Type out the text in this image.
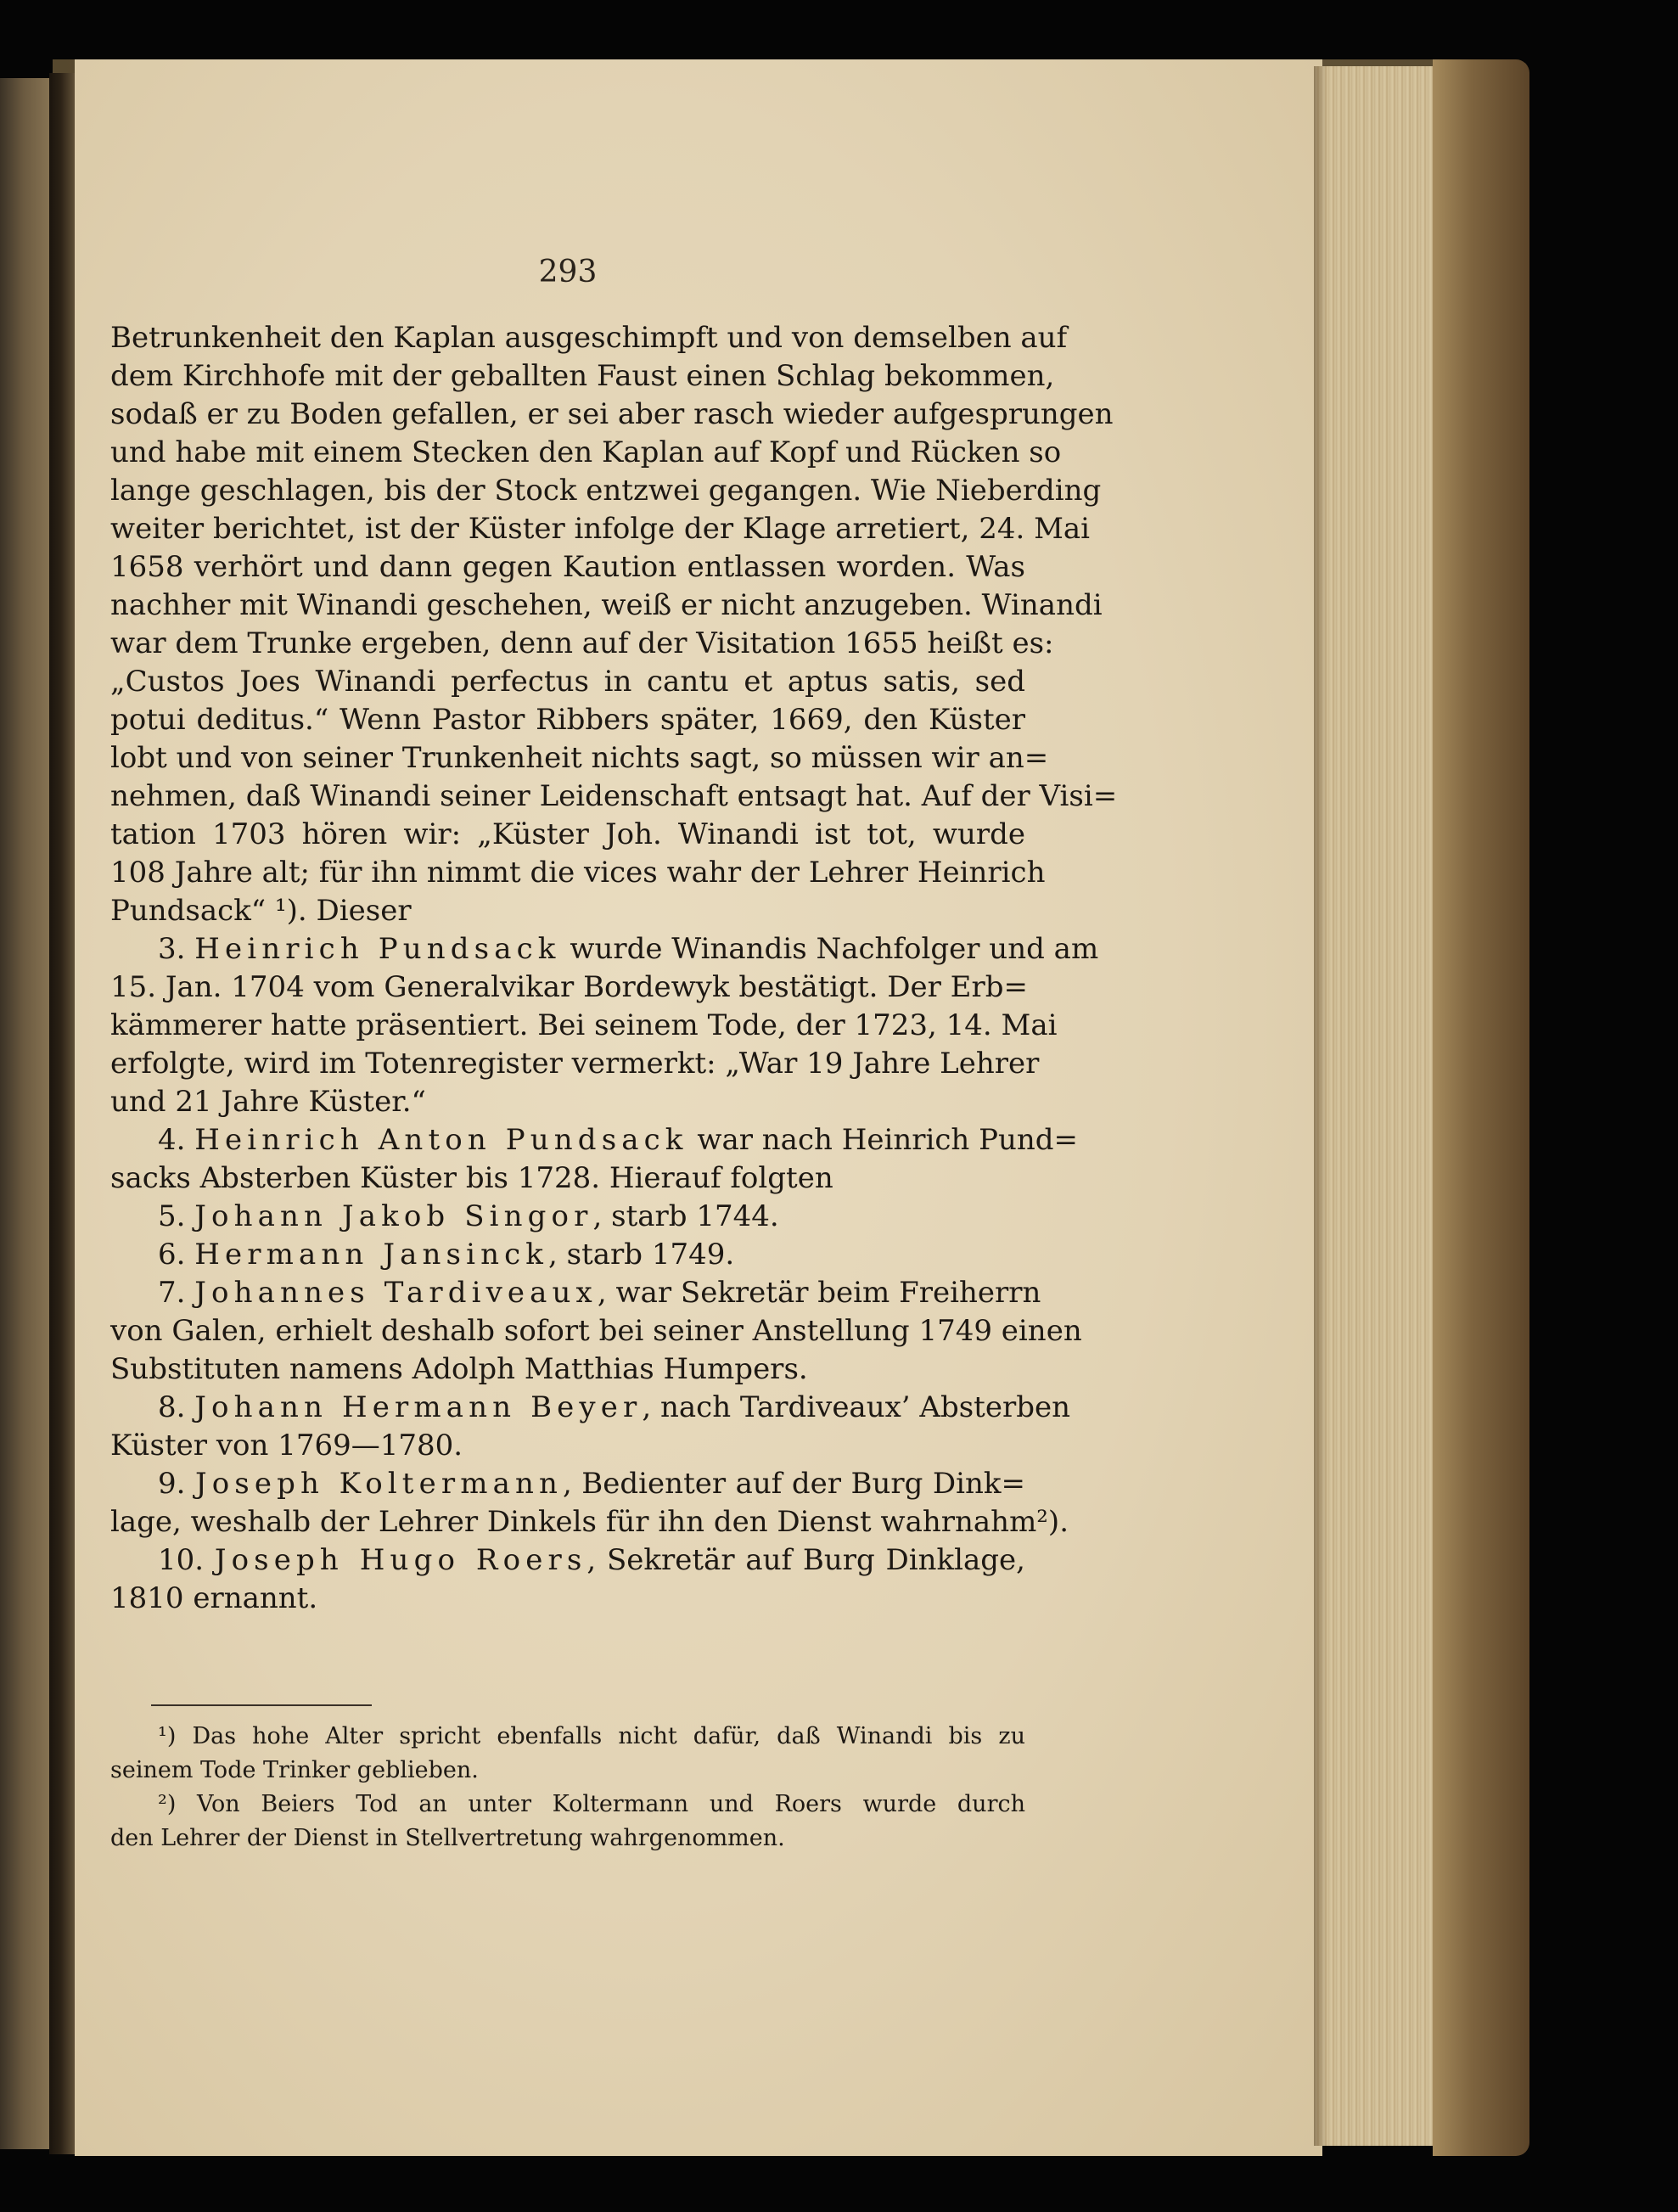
293
Betrunkenheit den Kaplan ausgeschimpft und von demselben auf
dem Kirchhofe mit der geballten Faust einen Schlag bekommen,
sodaß er zu Boden gefallen, er sei aber rasch wieder aufgesprungen
und habe mit einem Stecken den Kaplan auf Kopf und Rücken so
lange geschlagen, bis der Stock entzwei gegangen. Wie Nieberding
weiter berichtet, ist der Küster infolge der Klage arretiert, 24. Mai
1658 verhört und dann gegen Kaution entlassen worden. Was
nachher mit Winandi geschehen, weiß er nicht anzugeben. Winandi
war dem Trunke ergeben, denn auf der Visitation 1655 heißt es:
„Custos Joes Winandi perfectus in cantu et aptus satis, sed
potui deditus.“ Wenn Pastor Ribbers später, 1669, den Küster
lobt und von seiner Trunkenheit nichts sagt, so müssen wir an=
nehmen, daß Winandi seiner Leidenschaft entsagt hat. Auf der Visi=
tation 1703 hören wir: „Küster Joh. Winandi ist tot, wurde
108 Jahre alt; für ihn nimmt die vices wahr der Lehrer Heinrich
Pundsack“ ¹). Dieser
3. Heinrich Pundsack wurde Winandis Nachfolger und am
15. Jan. 1704 vom Generalvikar Bordewyk bestätigt. Der Erb=
kämmerer hatte präsentiert. Bei seinem Tode, der 1723, 14. Mai
erfolgte, wird im Totenregister vermerkt: „War 19 Jahre Lehrer
und 21 Jahre Küster.“
4. Heinrich Anton Pundsack war nach Heinrich Pund=
sacks Absterben Küster bis 1728. Hierauf folgten
5. Johann Jakob Singor, starb 1744.
6. Hermann Jansinck, starb 1749.
7. Johannes Tardiveaux, war Sekretär beim Freiherrn
von Galen, erhielt deshalb sofort bei seiner Anstellung 1749 einen
Substituten namens Adolph Matthias Humpers.
8. Johann Hermann Beyer, nach Tardiveaux’ Absterben
Küster von 1769—1780.
9. Joseph Koltermann, Bedienter auf der Burg Dink=
lage, weshalb der Lehrer Dinkels für ihn den Dienst wahrnahm²).
10. Joseph Hugo Roers, Sekretär auf Burg Dinklage,
1810 ernannt.
¹) Das hohe Alter spricht ebenfalls nicht dafür, daß Winandi bis zu
seinem Tode Trinker geblieben.
²) Von Beiers Tod an unter Koltermann und Roers wurde durch
den Lehrer der Dienst in Stellvertretung wahrgenommen.
